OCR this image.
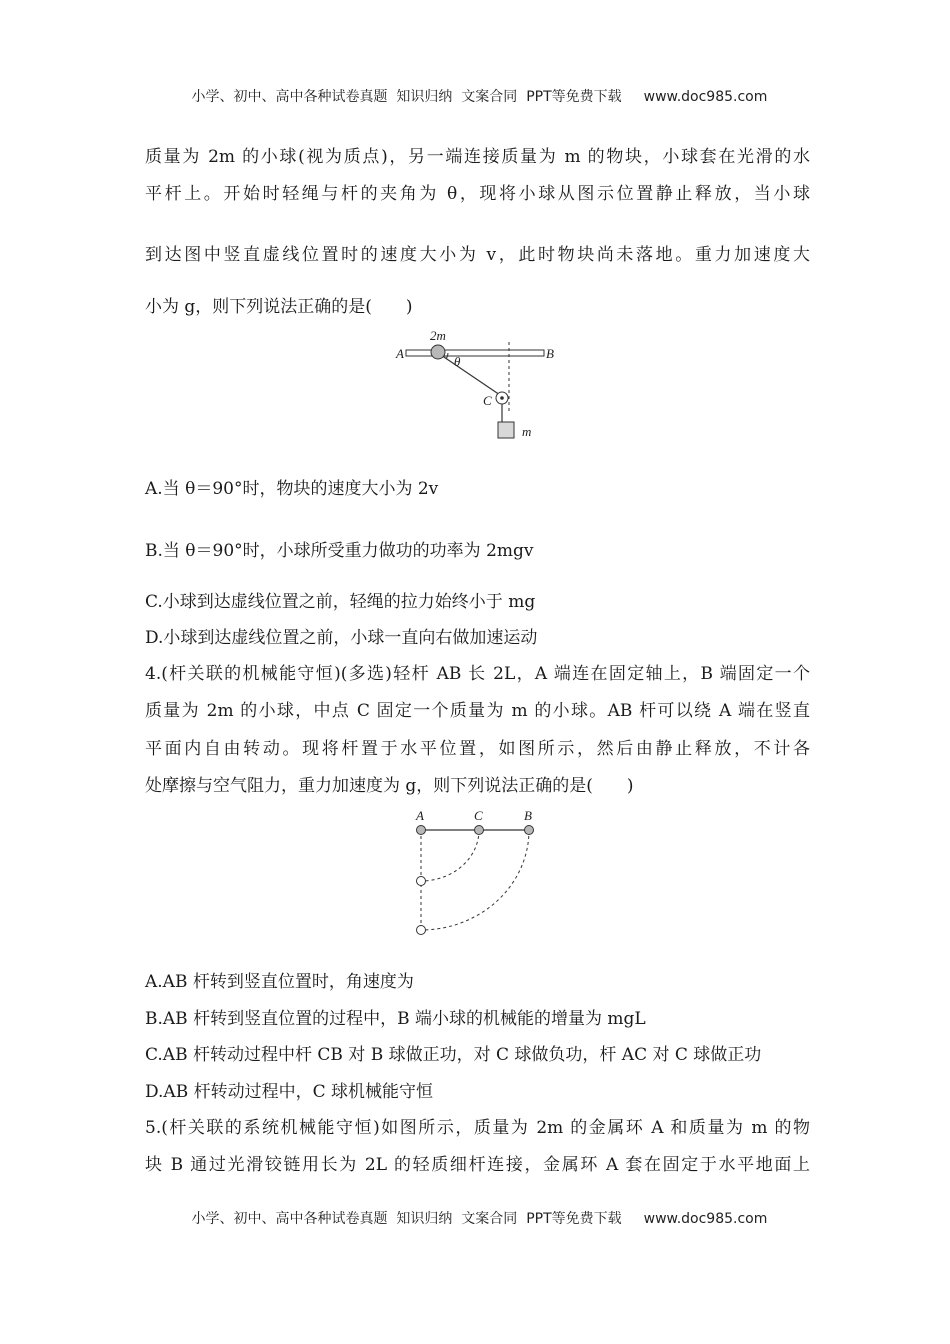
小学、初中、高中各种试卷真题  知识归纳  文案合同  PPT等免费下载 www.doc985.com

质量为 2m 的小球(视为质点)，另一端连接质量为 m 的物块，小球套在光滑的水
平杆上。开始时轻绳与杆的夹角为 θ，现将小球从图示位置静止释放，当小球
到达图中竖直虚线位置时的速度大小为 v，此时物块尚未落地。重力加速度大
小为 g，则下列说法正确的是(　　)
2m
A	B
θ
C
m
A.当 θ＝90°时，物块的速度大小为 2v
B.当 θ＝90°时，小球所受重力做功的功率为 2mgv
C.小球到达虚线位置之前，轻绳的拉力始终小于 mg
D.小球到达虚线位置之前，小球一直向右做加速运动
4.(杆关联的机械能守恒)(多选)轻杆 AB 长 2L，A 端连在固定轴上，B 端固定一个
质量为 2m 的小球，中点 C 固定一个质量为 m 的小球。AB 杆可以绕 A 端在竖直
平面内自由转动。现将杆置于水平位置，如图所示，然后由静止释放，不计各
处摩擦与空气阻力，重力加速度为 g，则下列说法正确的是(　　)
A	C	B
A.AB 杆转到竖直位置时，角速度为
B.AB 杆转到竖直位置的过程中，B 端小球的机械能的增量为 mgL
C.AB 杆转动过程中杆 CB 对 B 球做正功，对 C 球做负功，杆 AC 对 C 球做正功
D.AB 杆转动过程中，C 球机械能守恒
5.(杆关联的系统机械能守恒)如图所示，质量为 2m 的金属环 A 和质量为 m 的物
块 B 通过光滑铰链用长为 2L 的轻质细杆连接，金属环 A 套在固定于水平地面上

小学、初中、高中各种试卷真题  知识归纳  文案合同  PPT等免费下载 www.doc985.com
